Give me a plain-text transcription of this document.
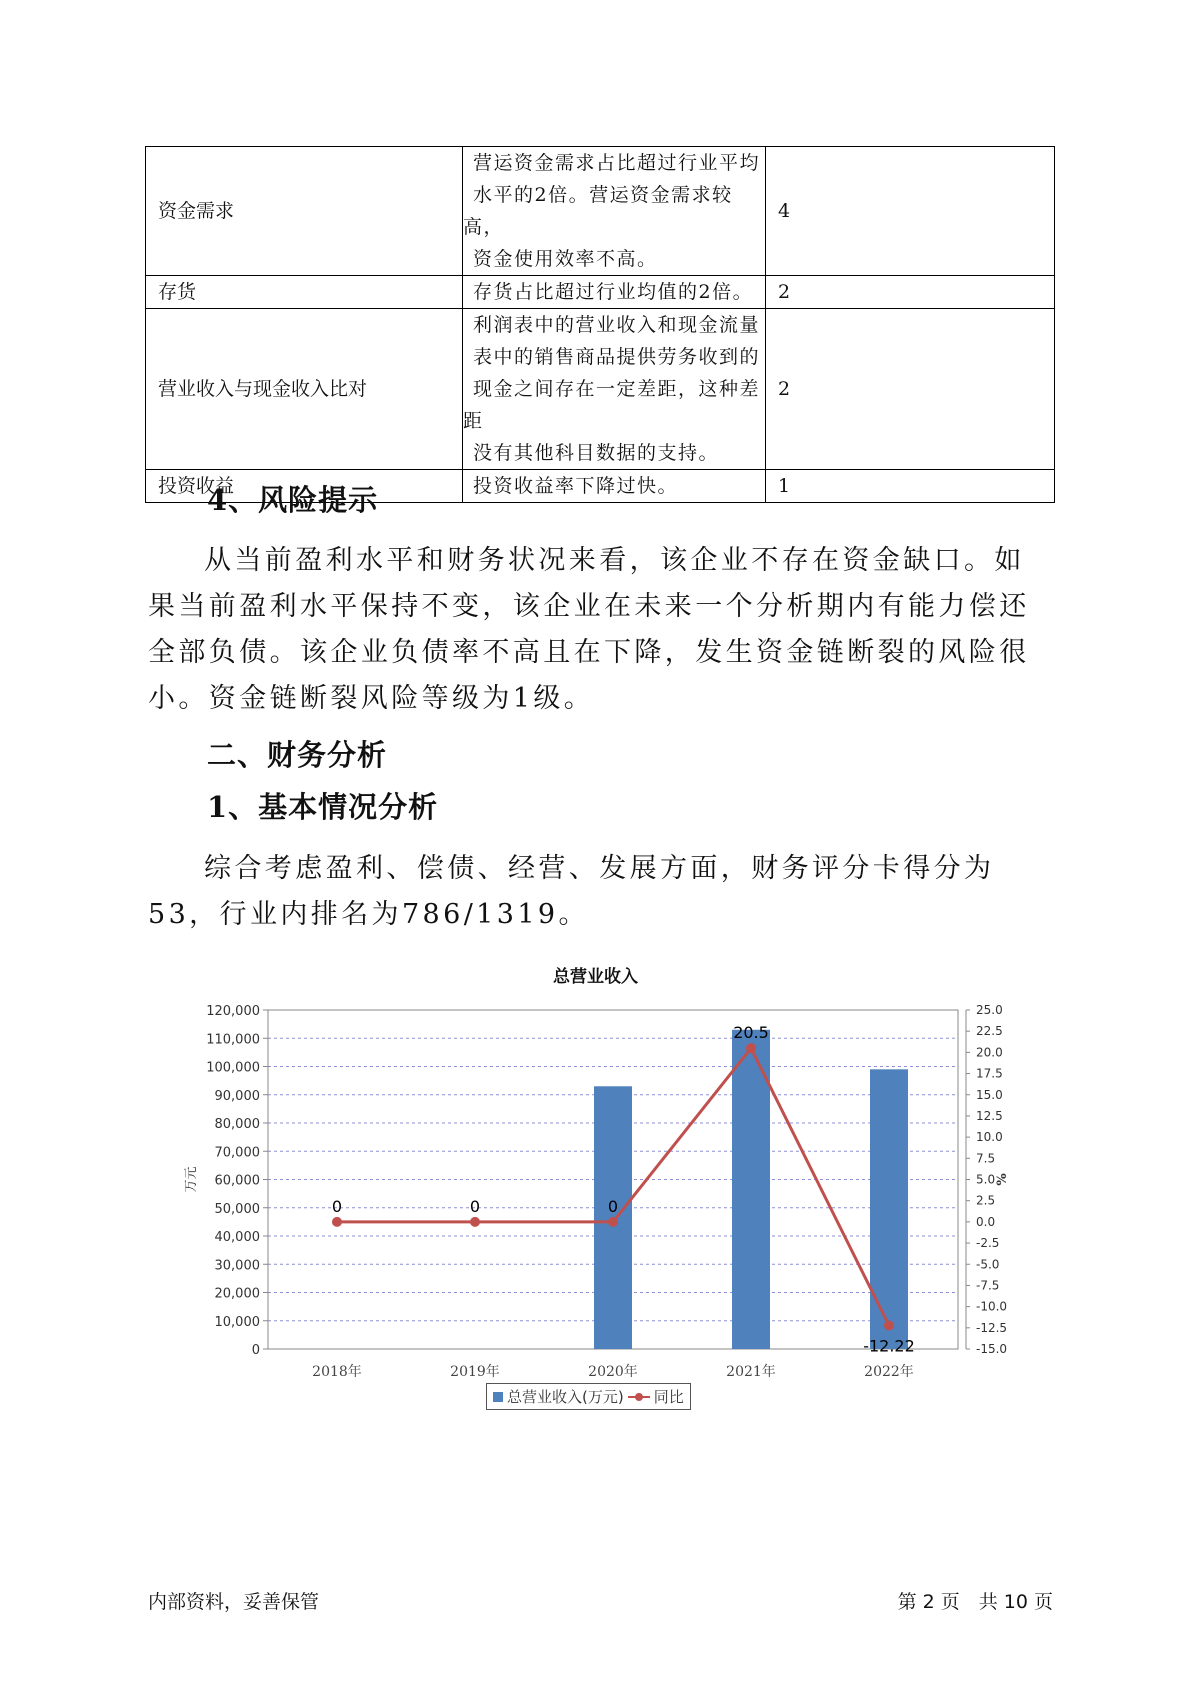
资金需求	营运资金需求占比超过行业平均
水平的2倍。营运资金需求较高，
资金使用效率不高。	4
存货	存货占比超过行业均值的2倍。	2
营业收入与现金收入比对	利润表中的营业收入和现金流量
表中的销售商品提供劳务收到的
现金之间存在一定差距，这种差距
没有其他科目数据的支持。	2
投资收益	投资收益率下降过快。	1
4、风险提示

从当前盈利水平和财务状况来看，该企业不存在资金缺口。如果当前盈利水平保持不变，该企业在未来一个分析期内有能力偿还全部负债。该企业负债率不高且在下降，发生资金链断裂的风险很小。资金链断裂风险等级为1级。

二、财务分析
1、基本情况分析

综合考虑盈利、偿债、经营、发展方面，财务评分卡得分为53，行业内排名为786/1319。

总营业收入
0
10,000
20,000
30,000
40,000
50,000
60,000
70,000
80,000
90,000
100,000
110,000
120,000
-15.0
-12.5
-10.0
-7.5
-5.0
-2.5
0.0
2.5
5.0
7.5
10.0
12.5
15.0
17.5
20.0
22.5
25.0
万元	%
2018年	2019年	2020年	2021年	2022年
0	0	0
20.5
-12.22
总营业收入(万元) 同比
内部资料，妥善保管	第 2 页　共 10 页
